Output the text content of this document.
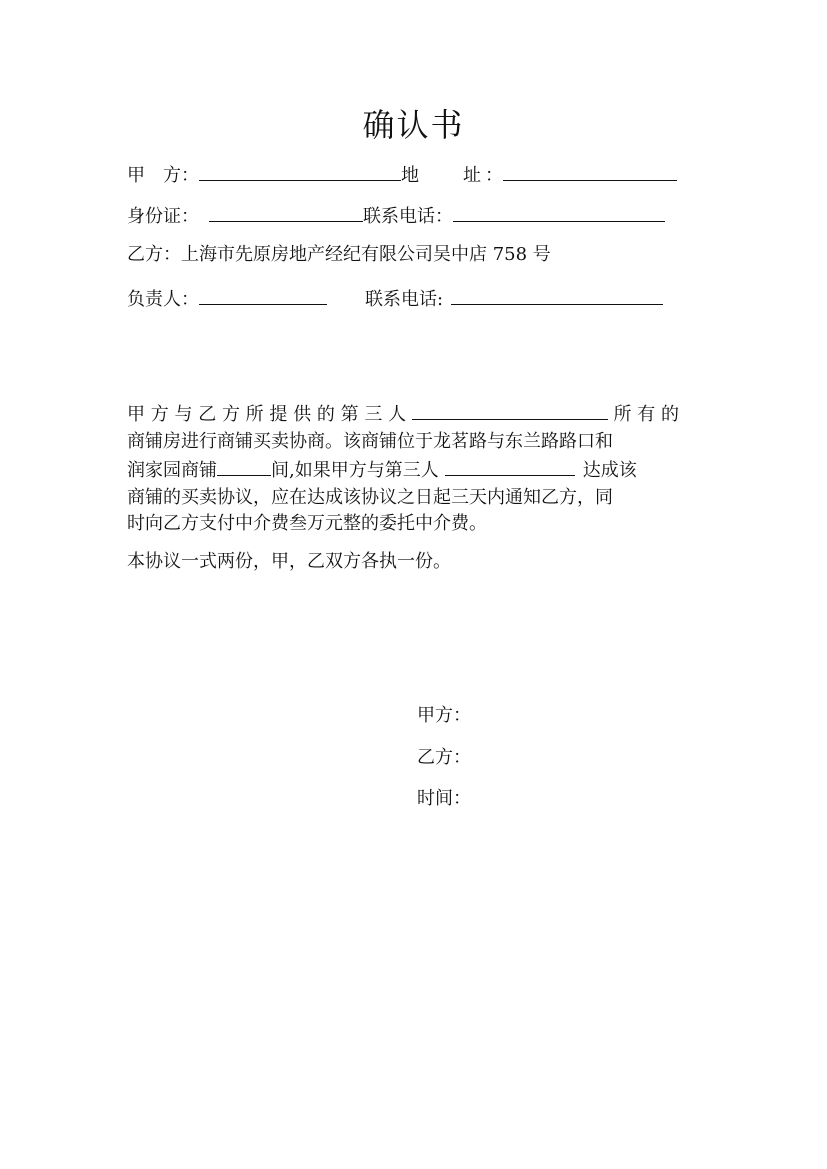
确认书
甲　方：	地 址 ：
身份证：	联系电话：
乙方：上海市先原房地产经纪有限公司吴中店 758 号
负责人：	联系电话:
甲 方 与 乙 方 所 提 供 的 第 三 人	所 有 的
商铺房进行商铺买卖协商。该商铺位于龙茗路与东兰路路口和
润家园商铺	间,如果甲方与第三人	达成该
商铺的买卖协议，应在达成该协议之日起三天内通知乙方，同
时向乙方支付中介费叁万元整的委托中介费。
本协议一式两份，甲，乙双方各执一份。
甲方：
乙方：
时间：
